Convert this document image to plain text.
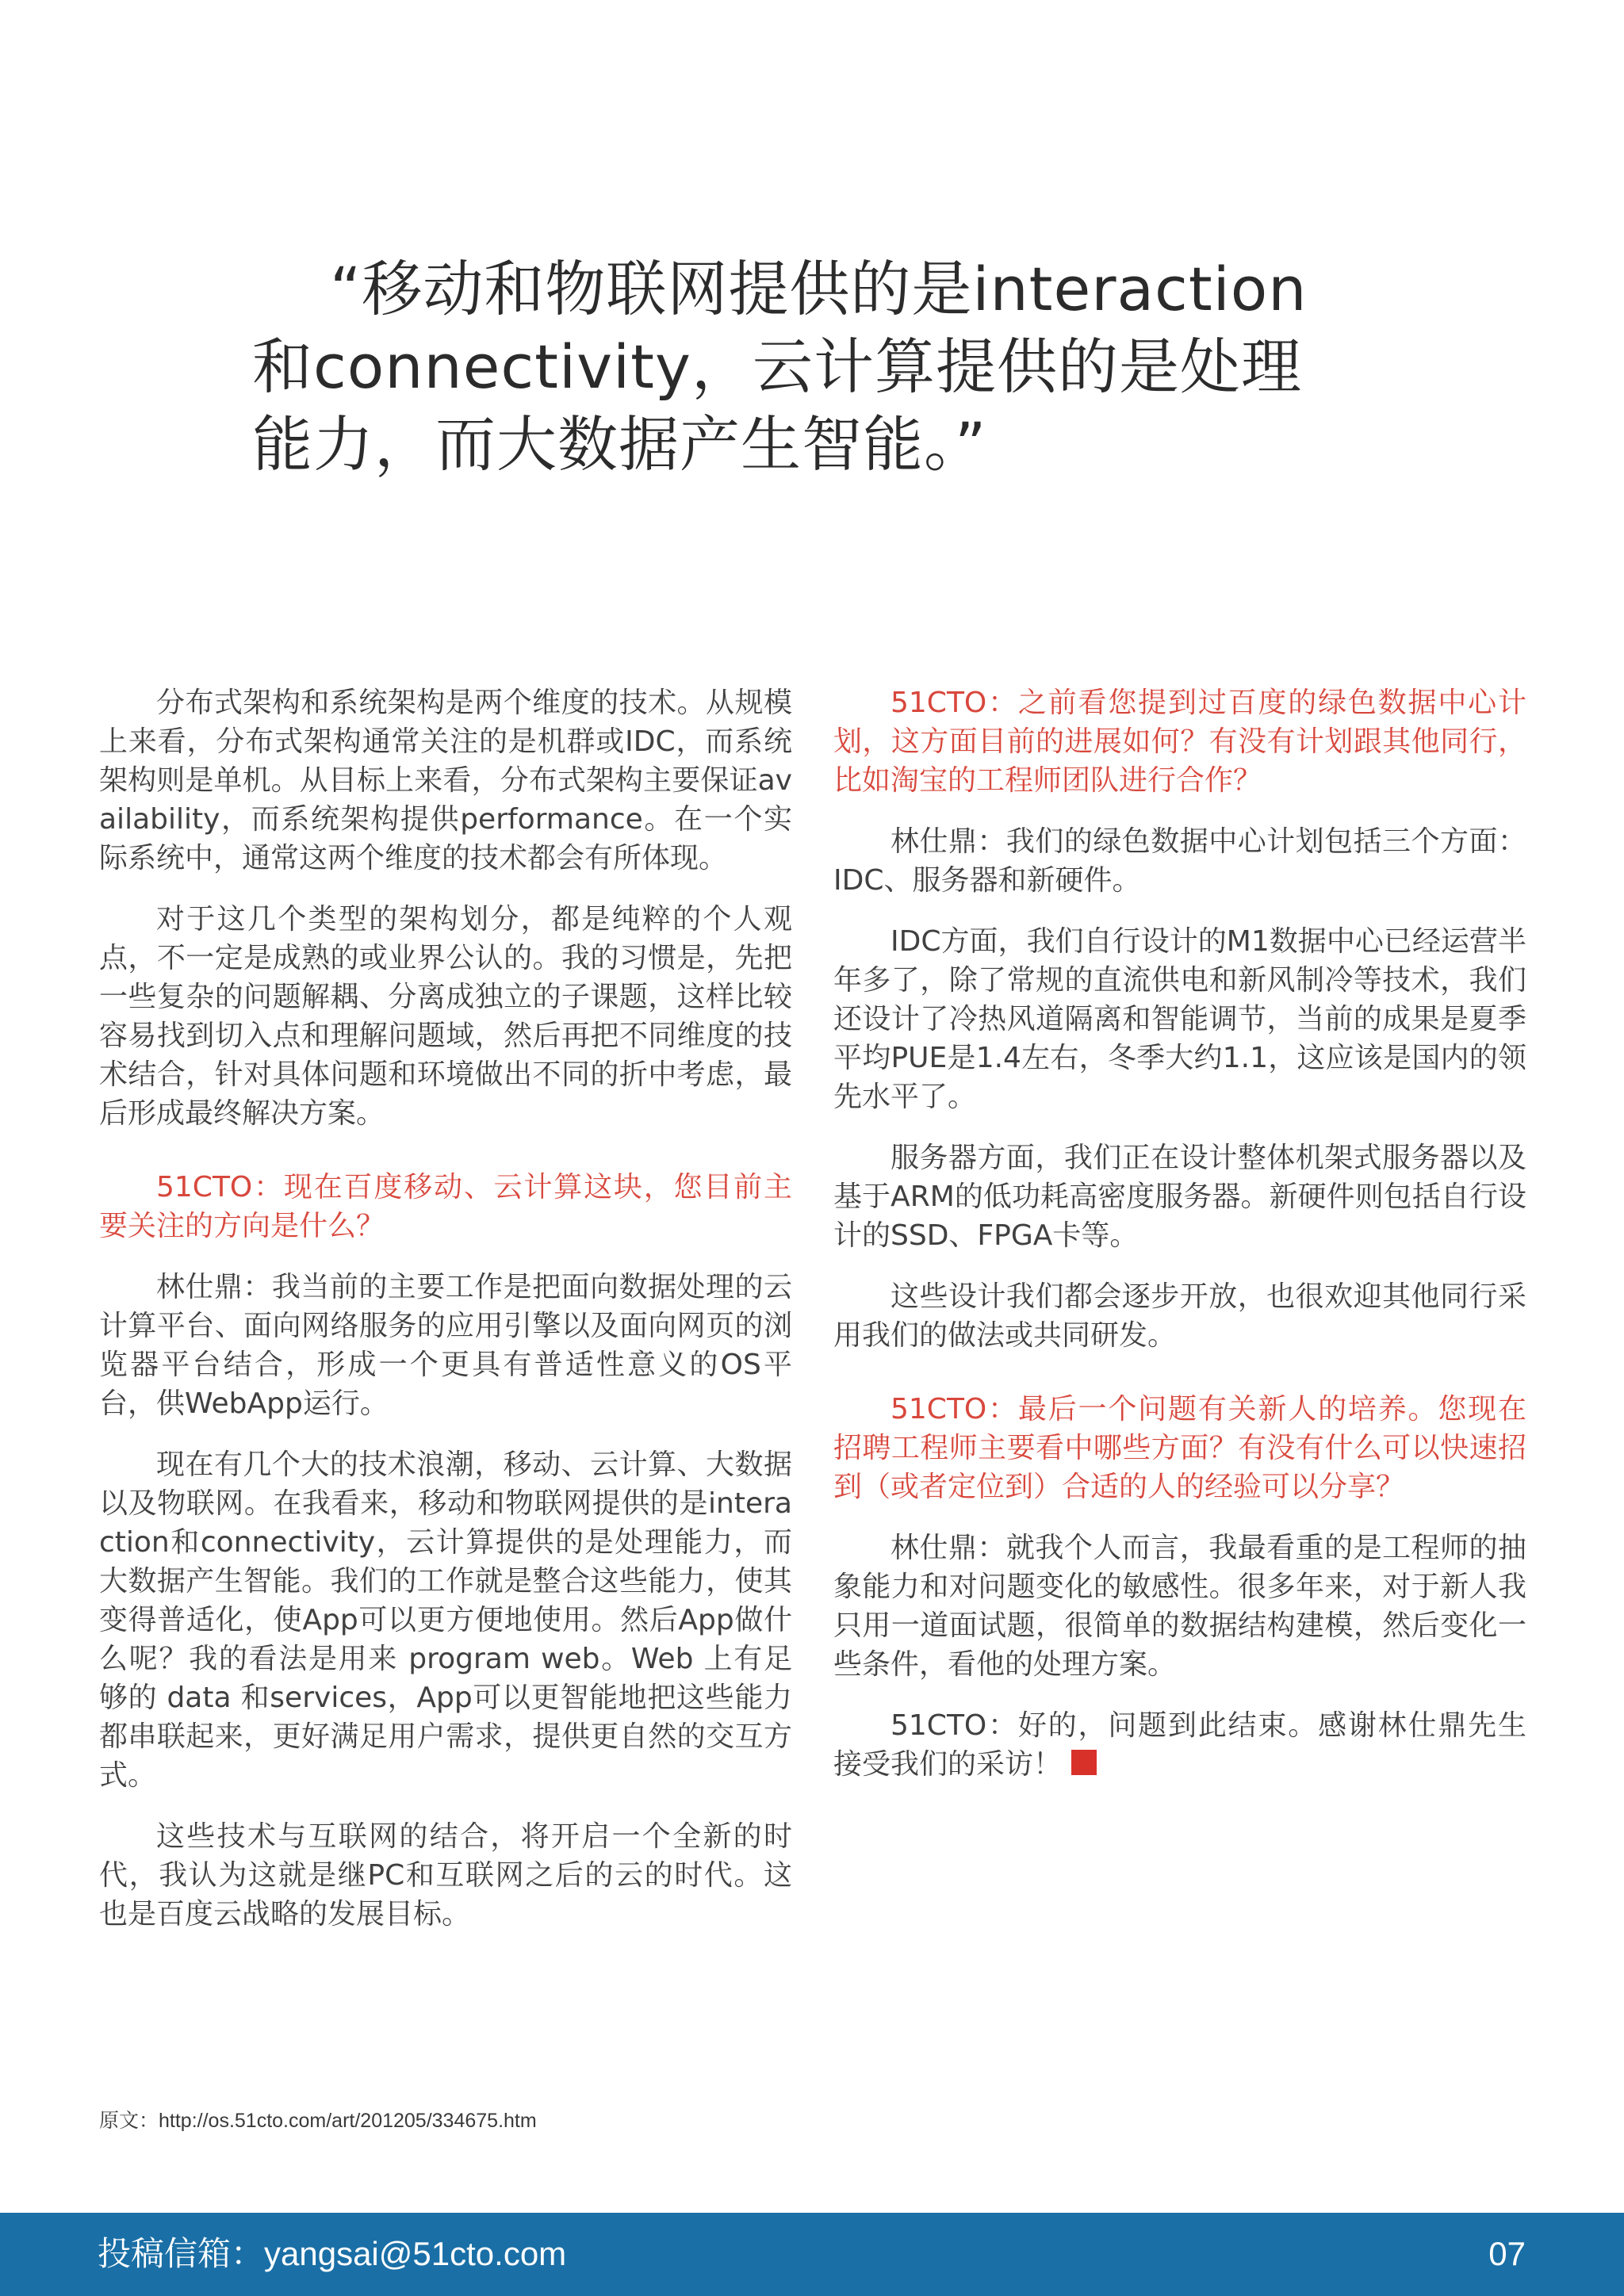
“移动和物联网提供的是interaction
和connectivity，云计算提供的是处理
能力，而大数据产生智能。”

分布式架构和系统架构是两个维度的技术。从规模上来看，分布式架构通常关注的是机群或IDC，而系统架构则是单机。从目标上来看，分布式架构主要保证availability，而系统架构提供performance。在一个实际系统中，通常这两个维度的技术都会有所体现。

对于这几个类型的架构划分，都是纯粹的个人观点，不一定是成熟的或业界公认的。我的习惯是，先把一些复杂的问题解耦、分离成独立的子课题，这样比较容易找到切入点和理解问题域，然后再把不同维度的技术结合，针对具体问题和环境做出不同的折中考虑，最后形成最终解决方案。

51CTO：现在百度移动、云计算这块，您目前主要关注的方向是什么？

林仕鼎：我当前的主要工作是把面向数据处理的云计算平台、面向网络服务的应用引擎以及面向网页的浏览器平台结合，形成一个更具有普适性意义的OS平台，供WebApp运行。

现在有几个大的技术浪潮，移动、云计算、大数据以及物联网。在我看来，移动和物联网提供的是interaction和connectivity，云计算提供的是处理能力，而大数据产生智能。我们的工作就是整合这些能力，使其变得普适化，使App可以更方便地使用。然后App做什么呢？我的看法是用来 program web。Web 上有足够的 data 和services，App可以更智能地把这些能力都串联起来，更好满足用户需求，提供更自然的交互方式。

这些技术与互联网的结合，将开启一个全新的时代，我认为这就是继PC和互联网之后的云的时代。这也是百度云战略的发展目标。

51CTO：之前看您提到过百度的绿色数据中心计划，这方面目前的进展如何？有没有计划跟其他同行，比如淘宝的工程师团队进行合作？

林仕鼎：我们的绿色数据中心计划包括三个方面：IDC、服务器和新硬件。

IDC方面，我们自行设计的M1数据中心已经运营半年多了，除了常规的直流供电和新风制冷等技术，我们还设计了冷热风道隔离和智能调节，当前的成果是夏季平均PUE是1.4左右，冬季大约1.1，这应该是国内的领先水平了。

服务器方面，我们正在设计整体机架式服务器以及基于ARM的低功耗高密度服务器。新硬件则包括自行设计的SSD、FPGA卡等。

这些设计我们都会逐步开放，也很欢迎其他同行采用我们的做法或共同研发。

51CTO：最后一个问题有关新人的培养。您现在招聘工程师主要看中哪些方面？有没有什么可以快速招到（或者定位到）合适的人的经验可以分享？

林仕鼎：就我个人而言，我最看重的是工程师的抽象能力和对问题变化的敏感性。很多年来，对于新人我只用一道面试题，很简单的数据结构建模，然后变化一些条件，看他的处理方案。

51CTO：好的，问题到此结束。感谢林仕鼎先生接受我们的采访！

原文：http://os.51cto.com/art/201205/334675.htm

投稿信箱：yangsai@51cto.com	07
